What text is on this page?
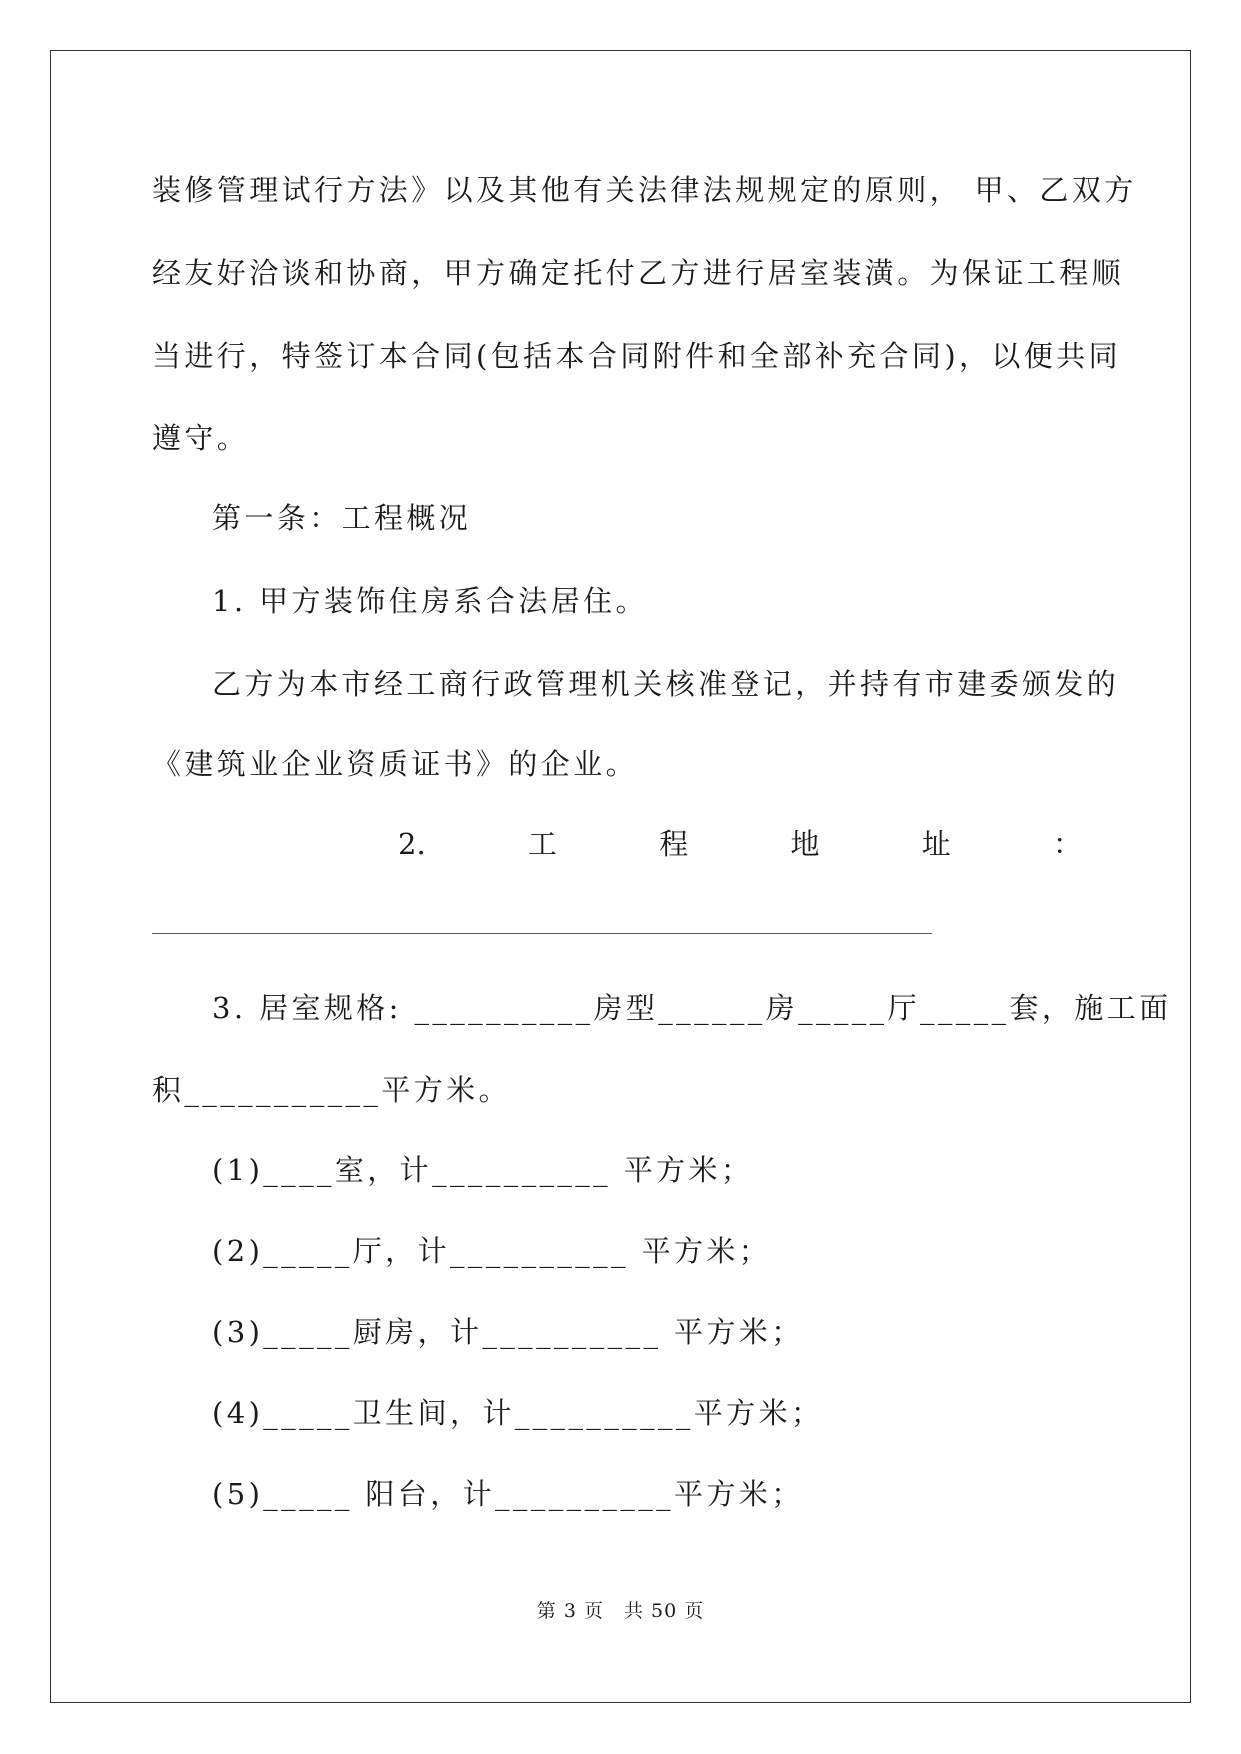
装修管理试行方法》以及其他有关法律法规规定的原则， 甲、乙双方
经友好洽谈和协商，甲方确定托付乙方进行居室装潢。为保证工程顺
当进行，特签订本合同(包括本合同附件和全部补充合同)，以便共同
遵守。
第一条：工程概况
1. 甲方装饰住房系合法居住。
乙方为本市经工商行政管理机关核准登记，并持有市建委颁发的
《建筑业企业资质证书》的企业。
2.	工	程	地	址	：
3. 居室规格: __________房型______房_____厅_____套，施工面
积___________平方米。
(1)____室，计__________ 平方米；
(2)_____厅，计__________ 平方米；
(3)_____厨房，计__________ 平方米；
(4)_____卫生间，计__________平方米；
(5)_____ 阳台，计__________平方米；
第 3 页　共 50 页
